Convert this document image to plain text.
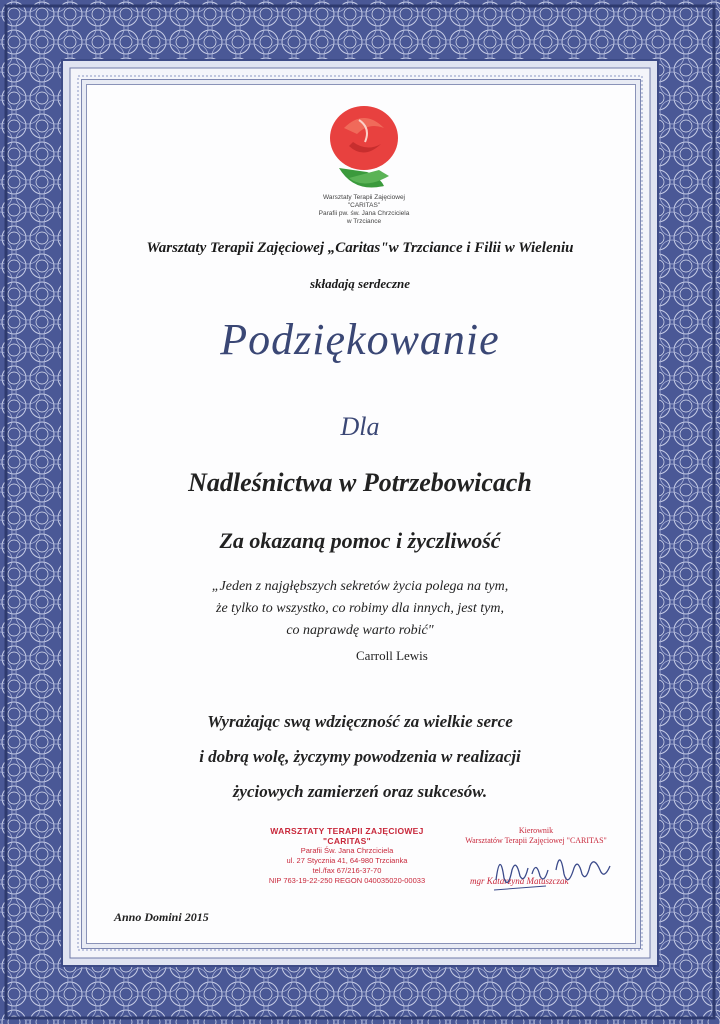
Warsztaty Terapii Zajęciowej
"CARITAS"
Parafii pw. św. Jana Chrzciciela
w Trzciance
Warsztaty Terapii Zajęciowej „Caritas"w Trzciance i Filii w Wieleniu
składają serdeczne
Podziękowanie
Dla
Nadleśnictwa w Potrzebowicach
Za okazaną pomoc i życzliwość
„Jeden z najgłębszych sekretów życia polega na tym,
że tylko to wszystko, co robimy dla innych, jest tym,
co naprawdę warto robić"
Carroll Lewis
Wyrażając swą wdzięczność za wielkie serce
i dobrą wolę, życzymy powodzenia w realizacji
życiowych zamierzeń oraz sukcesów.
WARSZTATY TERAPII ZAJĘCIOWEJ
"CARITAS"
Parafii Św. Jana Chrzciciela
ul. 27 Stycznia 41, 64-980 Trzcianka
tel./fax 67/216-37-70
NIP 763-19-22-250 REGON 040035020-00033
Kierownik
Warsztatów Terapii Zajęciowej "CARITAS"
mgr Katarzyna Matuszczak
Anno Domini 2015
